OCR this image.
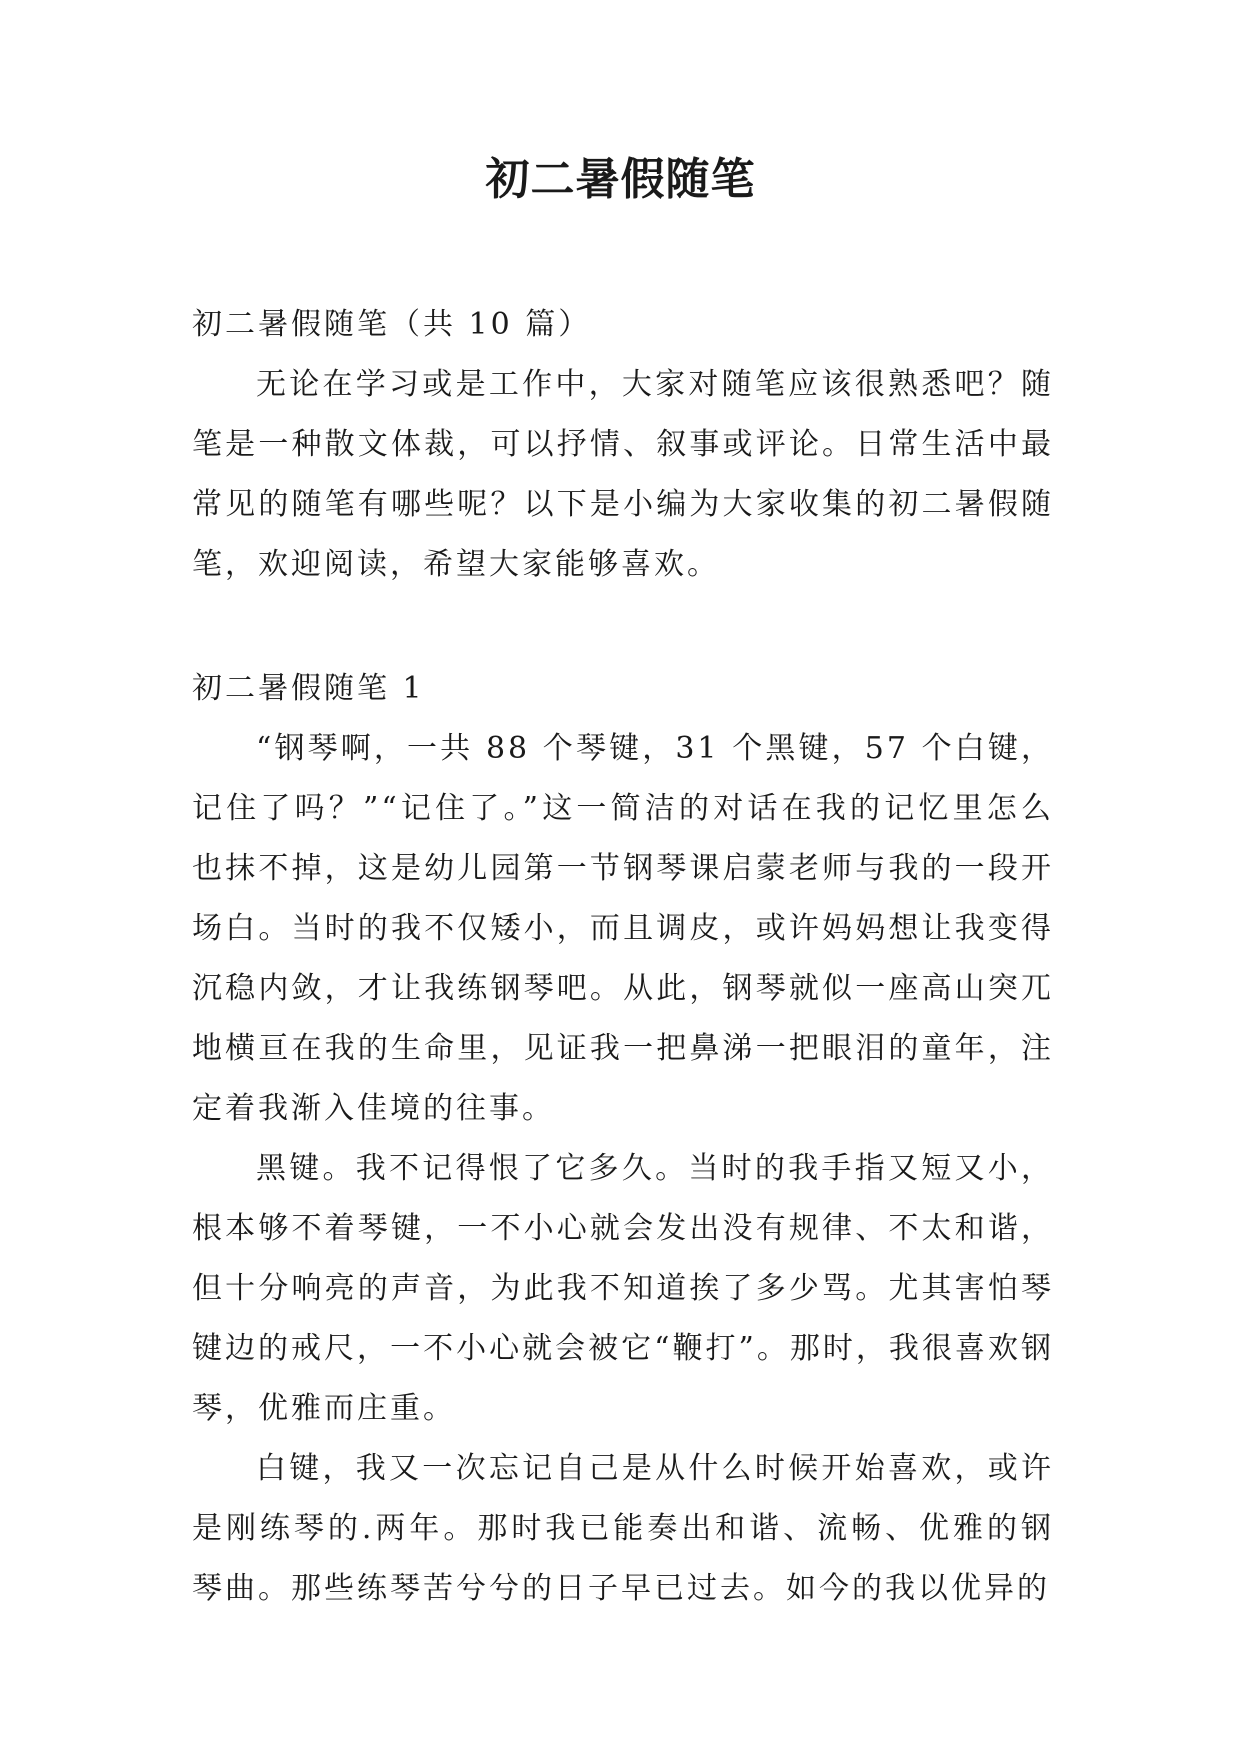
初二暑假随笔

初二暑假随笔（共 10 篇）

无论在学习或是工作中，大家对随笔应该很熟悉吧？随笔是一种散文体裁，可以抒情、叙事或评论。日常生活中最常见的随笔有哪些呢？以下是小编为大家收集的初二暑假随笔，欢迎阅读，希望大家能够喜欢。

初二暑假随笔 1

“钢琴啊，一共 88 个琴键，31 个黑键，57 个白键，记住了吗？”“记住了。”这一简洁的对话在我的记忆里怎么也抹不掉，这是幼儿园第一节钢琴课启蒙老师与我的一段开场白。当时的我不仅矮小，而且调皮，或许妈妈想让我变得沉稳内敛，才让我练钢琴吧。从此，钢琴就似一座高山突兀地横亘在我的生命里，见证我一把鼻涕一把眼泪的童年，注定着我渐入佳境的往事。

黑键。我不记得恨了它多久。当时的我手指又短又小，根本够不着琴键，一不小心就会发出没有规律、不太和谐，但十分响亮的声音，为此我不知道挨了多少骂。尤其害怕琴键边的戒尺，一不小心就会被它“鞭打”。那时，我很喜欢钢琴，优雅而庄重。

白键，我又一次忘记自己是从什么时候开始喜欢，或许是刚练琴的.两年。那时我已能奏出和谐、流畅、优雅的钢琴曲。那些练琴苦兮兮的日子早已过去。如今的我以优异的
